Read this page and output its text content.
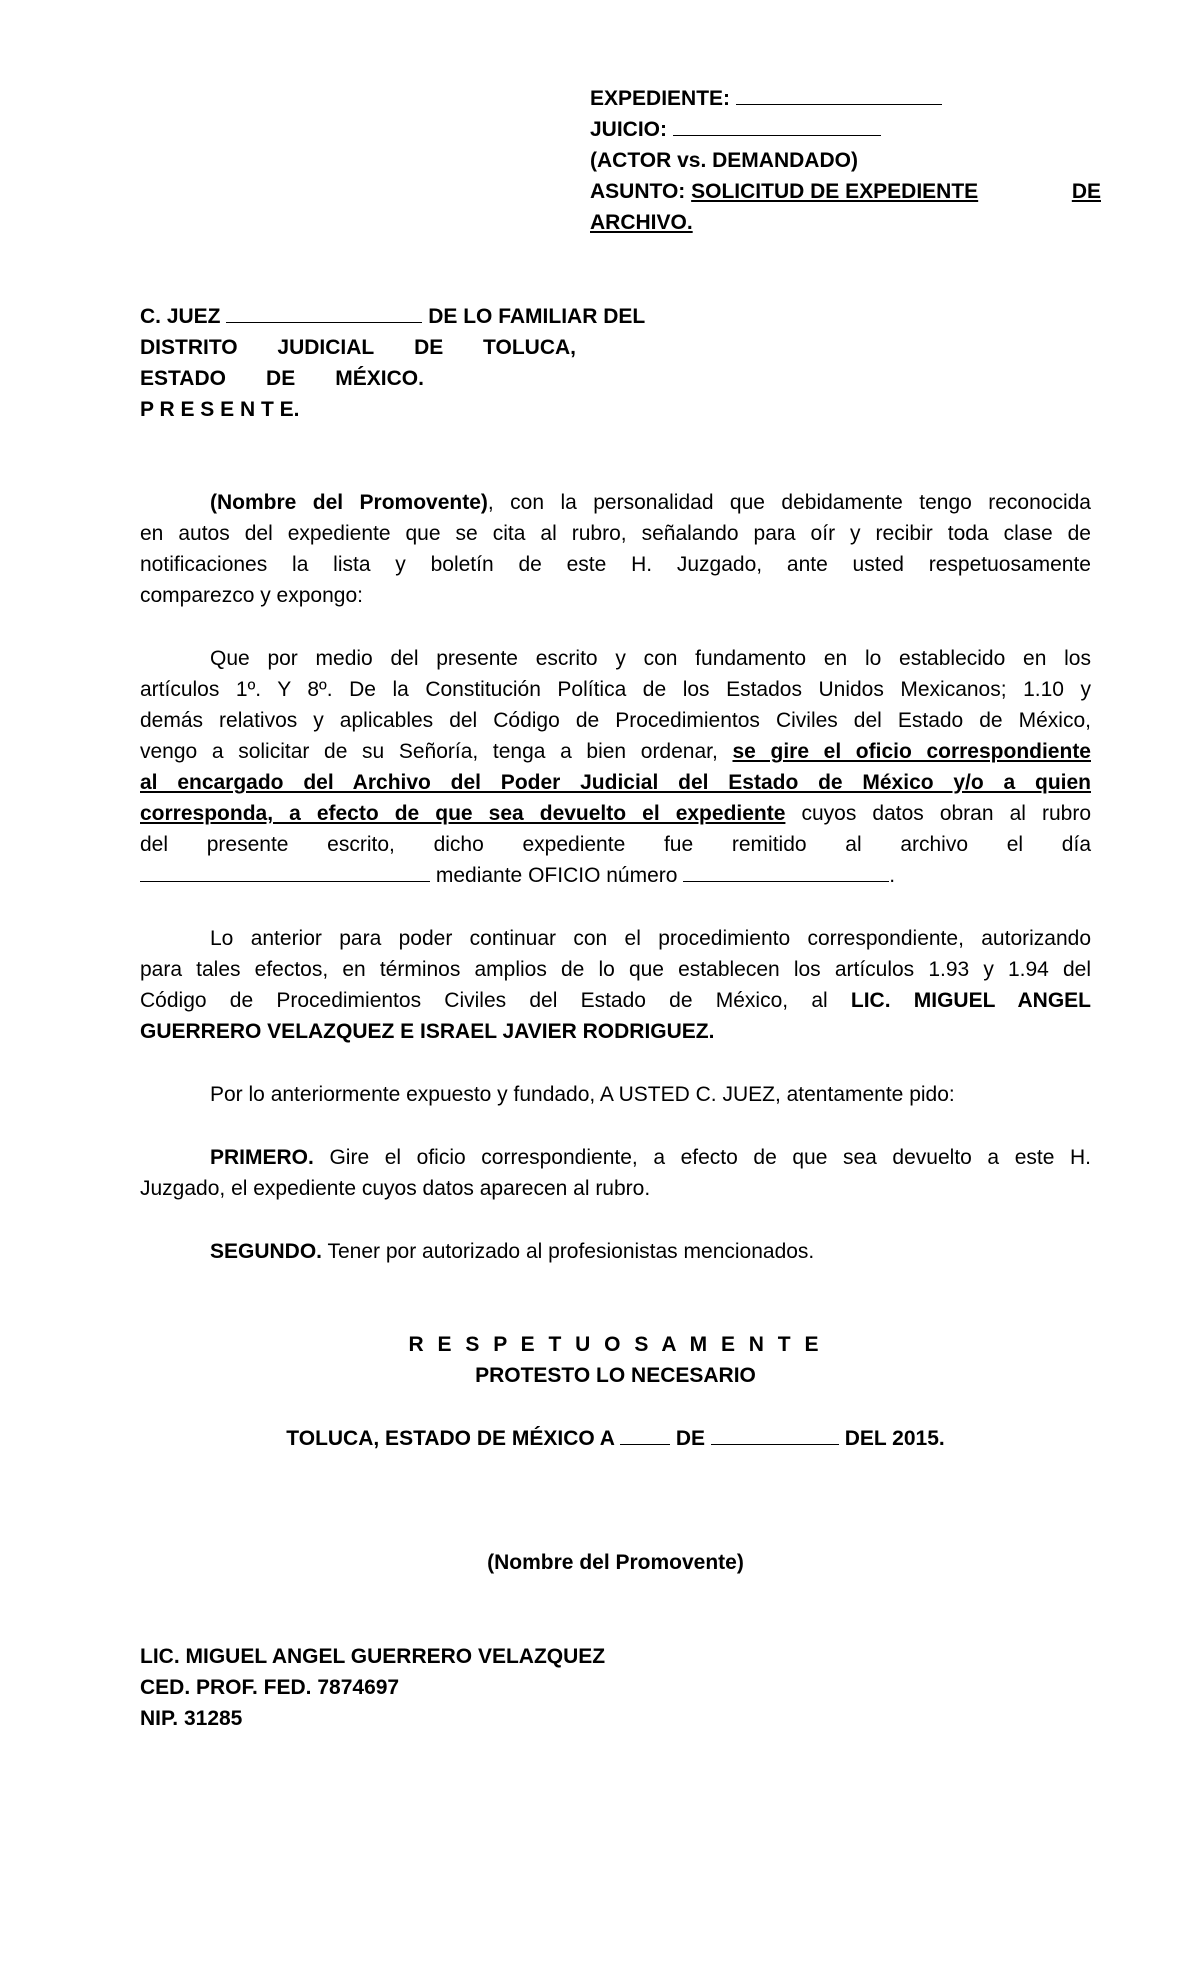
EXPEDIENTE:
JUICIO:
(ACTOR vs. DEMANDADO)
ASUNTO: SOLICITUD DE EXPEDIENTE	DE
ARCHIVO.
C. JUEZ	DE LO FAMILIAR DEL
DISTRITO JUDICIAL DE TOLUCA,
ESTADO DE MÉXICO.
P R E S E N T E.
(Nombre del Promovente), con la personalidad que debidamente tengo reconocida
en autos del expediente que se cita al rubro, señalando para oír y recibir toda clase de
notificaciones la lista y boletín de este H. Juzgado, ante usted respetuosamente
comparezco y expongo:
Que por medio del presente escrito y con fundamento en lo establecido en los
artículos 1º. Y 8º. De la Constitución Política de los Estados Unidos Mexicanos; 1.10 y
demás relativos y aplicables del Código de Procedimientos Civiles del Estado de México,
vengo a solicitar de su Señoría, tenga a bien ordenar, se gire el oficio correspondiente
al encargado del Archivo del Poder Judicial del Estado de México y/o a quien
corresponda, a efecto de que sea devuelto el expediente cuyos datos obran al rubro
del presente escrito, dicho expediente fue remitido al archivo el día
mediante OFICIO número	.
Lo anterior para poder continuar con el procedimiento correspondiente, autorizando
para tales efectos, en términos amplios de lo que establecen los artículos 1.93 y 1.94 del
Código de Procedimientos Civiles del Estado de México, al LIC. MIGUEL ANGEL
GUERRERO VELAZQUEZ E ISRAEL JAVIER RODRIGUEZ.
Por lo anteriormente expuesto y fundado, A USTED C. JUEZ, atentamente pido:
PRIMERO. Gire el oficio correspondiente, a efecto de que sea devuelto a este H.
Juzgado, el expediente cuyos datos aparecen al rubro.
SEGUNDO. Tener por autorizado al profesionistas mencionados.
R E S P E T U O S A M E N T E
PROTESTO LO NECESARIO
TOLUCA, ESTADO DE MÉXICO A	DE	DEL 2015.
(Nombre del Promovente)
LIC. MIGUEL ANGEL GUERRERO VELAZQUEZ
CED. PROF. FED. 7874697
NIP. 31285
